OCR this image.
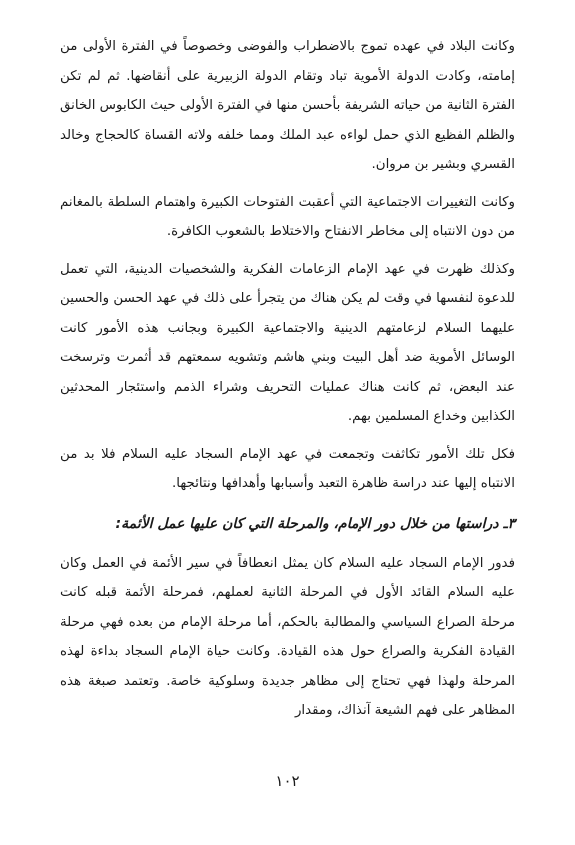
وكانت البلاد في عهده تموج بالاضطراب والفوضى وخصوصاً في الفترة الأولى من إمامته، وكادت الدولة الأموية تباد وتقام الدولة الزبيرية على أنقاضها. ثم لم تكن الفترة الثانية من حياته الشريفة بأحسن منها في الفترة الأولى حيث الكابوس الخانق والظلم الفظيع الذي حمل لواءه عبد الملك ومما خلفه ولاته القساة كالحجاج وخالد القسري وبشير بن مروان.

وكانت التغييرات الاجتماعية التي أعقبت الفتوحات الكبيرة واهتمام السلطة بالمغانم من دون الانتباه إلى مخاطر الانفتاح والاختلاط بالشعوب الكافرة.

وكذلك ظهرت في عهد الإمام الزعامات الفكرية والشخصيات الدينية، التي تعمل للدعوة لنفسها في وقت لم يكن هناك من يتجرأ على ذلك في عهد الحسن والحسين عليهما السلام لزعامتهم الدينية والاجتماعية الكبيرة وبجانب هذه الأمور كانت الوسائل الأموية ضد أهل البيت وبني هاشم وتشويه سمعتهم قد أثمرت وترسخت عند البعض، ثم كانت هناك عمليات التحريف وشراء الذمم واستئجار المحدثين الكذابين وخداع المسلمين بهم.

فكل تلك الأمور تكاثفت وتجمعت في عهد الإمام السجاد عليه السلام فلا بد من الانتباه إليها عند دراسة ظاهرة التعبد وأسبابها وأهدافها ونتائجها.

٣ـ دراستها من خلال دور الإمام، والمرحلة التي كان عليها عمل الأئمة:

فدور الإمام السجاد عليه السلام كان يمثل انعطافاً في سير الأئمة في العمل وكان عليه السلام القائد الأول في المرحلة الثانية لعملهم، فمرحلة الأئمة قبله كانت مرحلة الصراع السياسي والمطالبة بالحكم، أما مرحلة الإمام من بعده فهي مرحلة القيادة الفكرية والصراع حول هذه القيادة. وكانت حياة الإمام السجاد بداءة لهذه المرحلة ولهذا فهي تحتاج إلى مظاهر جديدة وسلوكية خاصة. وتعتمد صبغة هذه المظاهر على فهم الشيعة آنذاك، ومقدار

١٠٢
